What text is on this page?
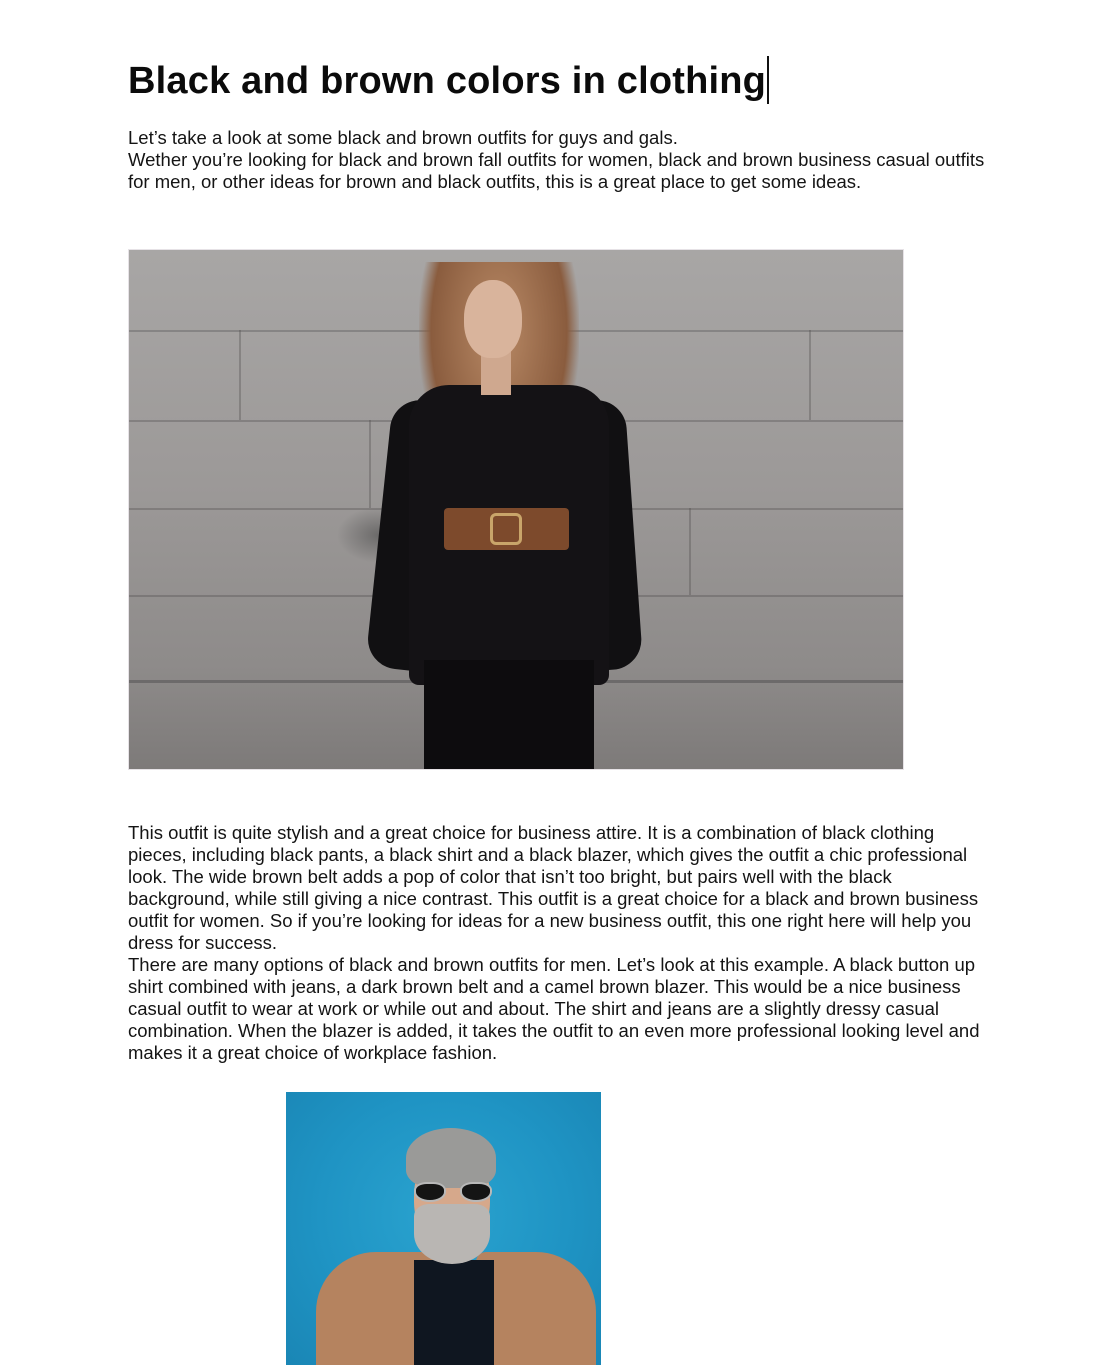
Black and brown colors in clothing

Let’s take a look at some black and brown outfits for guys and gals.
Wether you’re looking for black and brown fall outfits for women, black and brown business casual outfits for men, or other ideas for brown and black outfits, this is a great place to get some ideas.

This outfit is quite stylish and a great choice for business attire. It is a combination of black clothing pieces, including black pants, a black shirt and a black blazer, which gives the outfit a chic professional look. The wide brown belt adds a pop of color that isn’t too bright, but pairs well with the black background, while still giving a nice contrast. This outfit is a great choice for a black and brown business outfit for women. So if you’re looking for ideas for a new business outfit, this one right here will help you dress for success.

There are many options of black and brown outfits for men. Let’s look at this example. A black button up shirt combined with jeans, a dark brown belt and a camel brown blazer. This would be a nice business casual outfit to wear at work or while out and about. The shirt and jeans are a slightly dressy casual combination. When the blazer is added, it takes the outfit to an even more professional looking level and makes it a great choice of workplace fashion.
